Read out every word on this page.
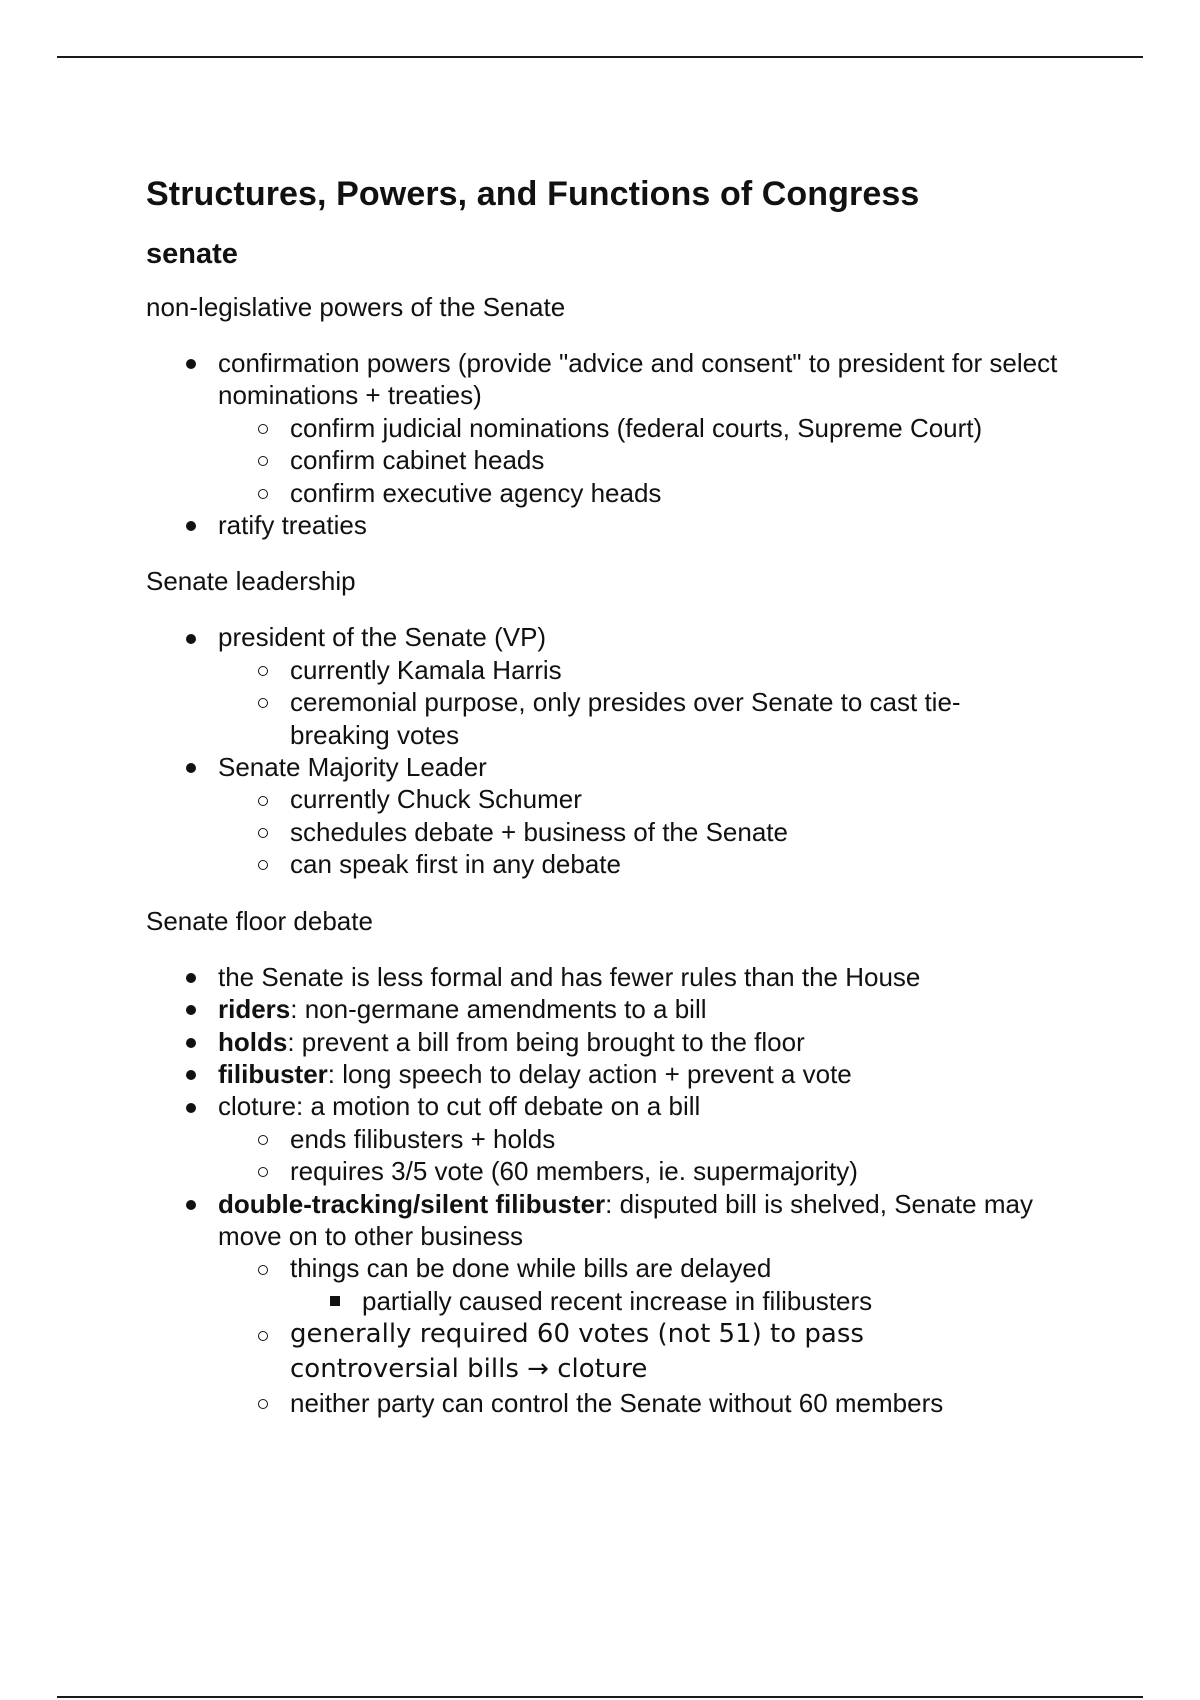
Structures, Powers, and Functions of Congress
senate
non-legislative powers of the Senate
confirmation powers (provide "advice and consent" to president for select nominations + treaties)
confirm judicial nominations (federal courts, Supreme Court)
confirm cabinet heads
confirm executive agency heads
ratify treaties
Senate leadership
president of the Senate (VP)
currently Kamala Harris
ceremonial purpose, only presides over Senate to cast tie-breaking votes
Senate Majority Leader
currently Chuck Schumer
schedules debate + business of the Senate
can speak first in any debate
Senate floor debate
the Senate is less formal and has fewer rules than the House
riders: non-germane amendments to a bill
holds: prevent a bill from being brought to the floor
filibuster: long speech to delay action + prevent a vote
cloture: a motion to cut off debate on a bill
ends filibusters + holds
requires 3/5 vote (60 members, ie. supermajority)
double-tracking/silent filibuster: disputed bill is shelved, Senate may move on to other business
things can be done while bills are delayed
partially caused recent increase in filibusters
generally required 60 votes (not 51) to pass controversial bills → cloture
neither party can control the Senate without 60 members
